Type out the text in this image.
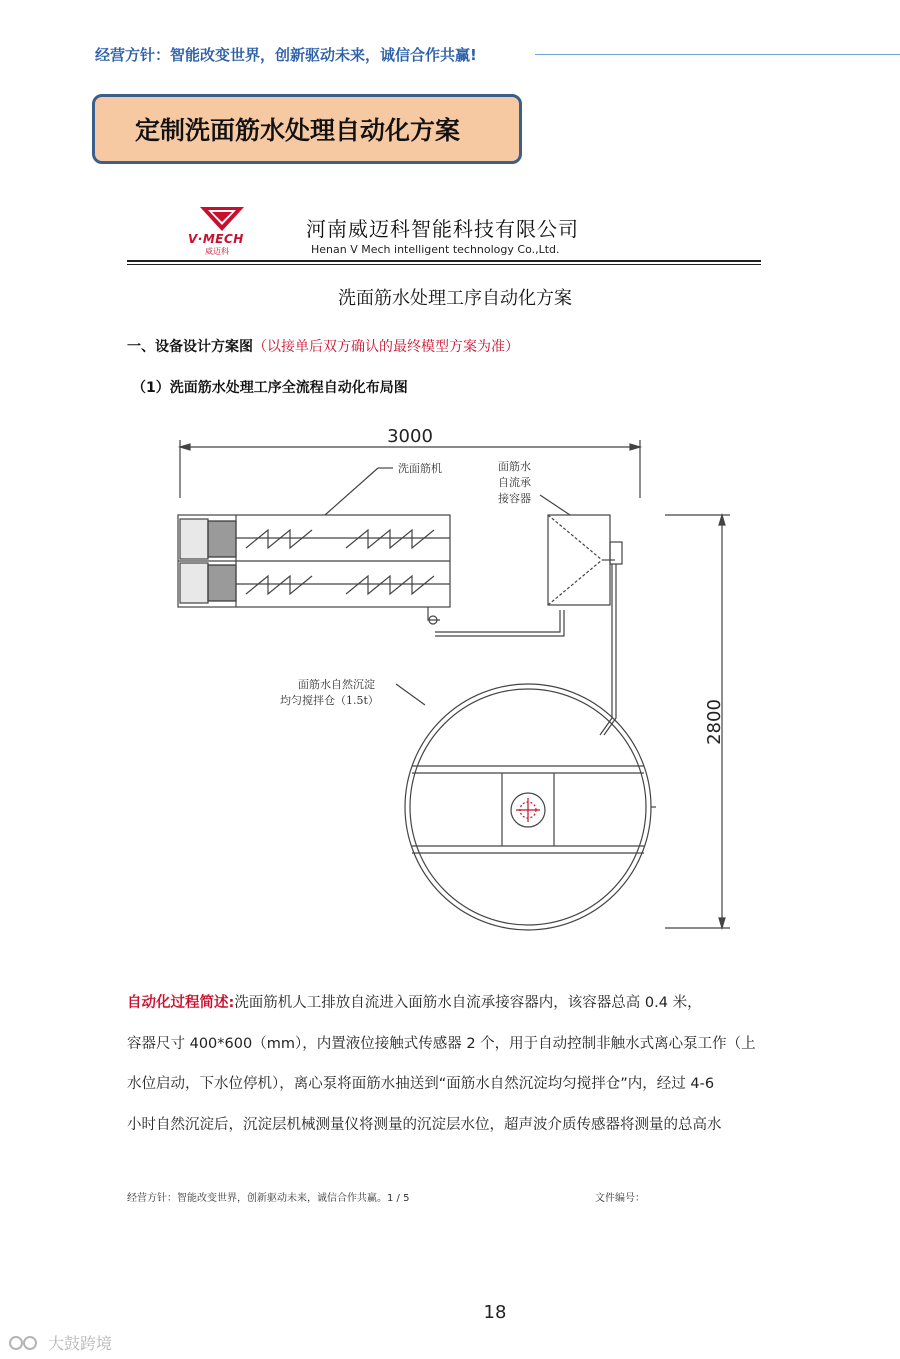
经营方针：智能改变世界，创新驱动未来，诚信合作共赢!
定制洗面筋水处理自动化方案
V·MECH
威迈科
河南威迈科智能科技有限公司
Henan V Mech intelligent technology Co.,Ltd.
洗面筋水处理工序自动化方案
一、设备设计方案图（以接单后双方确认的最终模型方案为准）
（1）洗面筋水处理工序全流程自动化布局图
3000
洗面筋机	面筋水
自流承
接容器
2800
面筋水自然沉淀
均匀搅拌仓（1.5t）
自动化过程简述:洗面筋机人工排放自流进入面筋水自流承接容器内，该容器总高 0.4 米，
容器尺寸 400*600（mm），内置液位接触式传感器 2 个，用于自动控制非触水式离心泵工作（上
水位启动，下水位停机），离心泵将面筋水抽送到“面筋水自然沉淀均匀搅拌仓”内，经过 4-6
小时自然沉淀后，沉淀层机械测量仪将测量的沉淀层水位，超声波介质传感器将测量的总高水
经营方针：智能改变世界，创新驱动未来，诚信合作共赢。1 / 5	文件编号：
18
大鼓跨境
